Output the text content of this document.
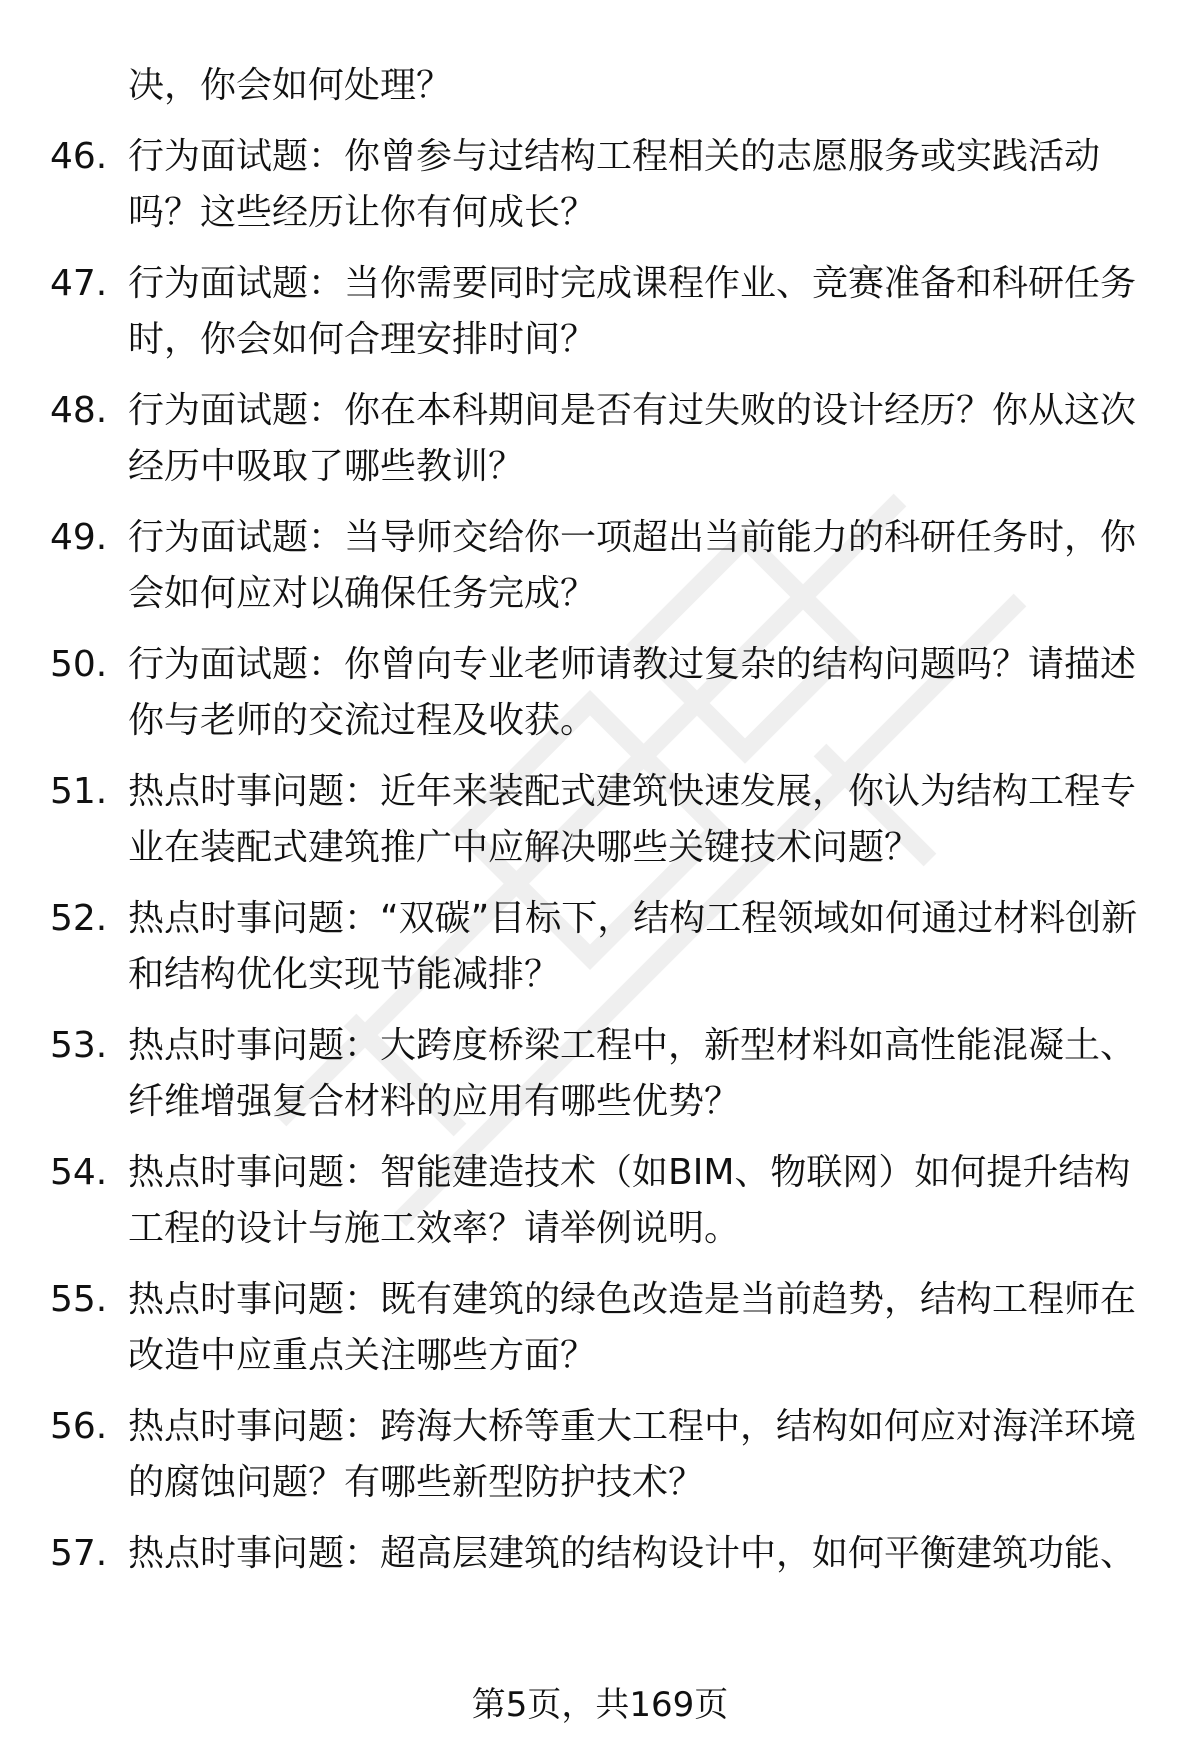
决，你会如何处理？
46. 行为面试题：你曾参与过结构工程相关的志愿服务或实践活动吗？这些经历让你有何成长？
47. 行为面试题：当你需要同时完成课程作业、竞赛准备和科研任务时，你会如何合理安排时间？
48. 行为面试题：你在本科期间是否有过失败的设计经历？你从这次经历中吸取了哪些教训？
49. 行为面试题：当导师交给你一项超出当前能力的科研任务时，你会如何应对以确保任务完成？
50. 行为面试题：你曾向专业老师请教过复杂的结构问题吗？请描述你与老师的交流过程及收获。
51. 热点时事问题：近年来装配式建筑快速发展，你认为结构工程专业在装配式建筑推广中应解决哪些关键技术问题？
52. 热点时事问题：“双碳”目标下，结构工程领域如何通过材料创新和结构优化实现节能减排？
53. 热点时事问题：大跨度桥梁工程中，新型材料如高性能混凝土、纤维增强复合材料的应用有哪些优势？
54. 热点时事问题：智能建造技术（如BIM、物联网）如何提升结构工程的设计与施工效率？请举例说明。
55. 热点时事问题：既有建筑的绿色改造是当前趋势，结构工程师在改造中应重点关注哪些方面？
56. 热点时事问题：跨海大桥等重大工程中，结构如何应对海洋环境的腐蚀问题？有哪些新型防护技术？
57. 热点时事问题：超高层建筑的结构设计中，如何平衡建筑功能、
第5页，共169页
